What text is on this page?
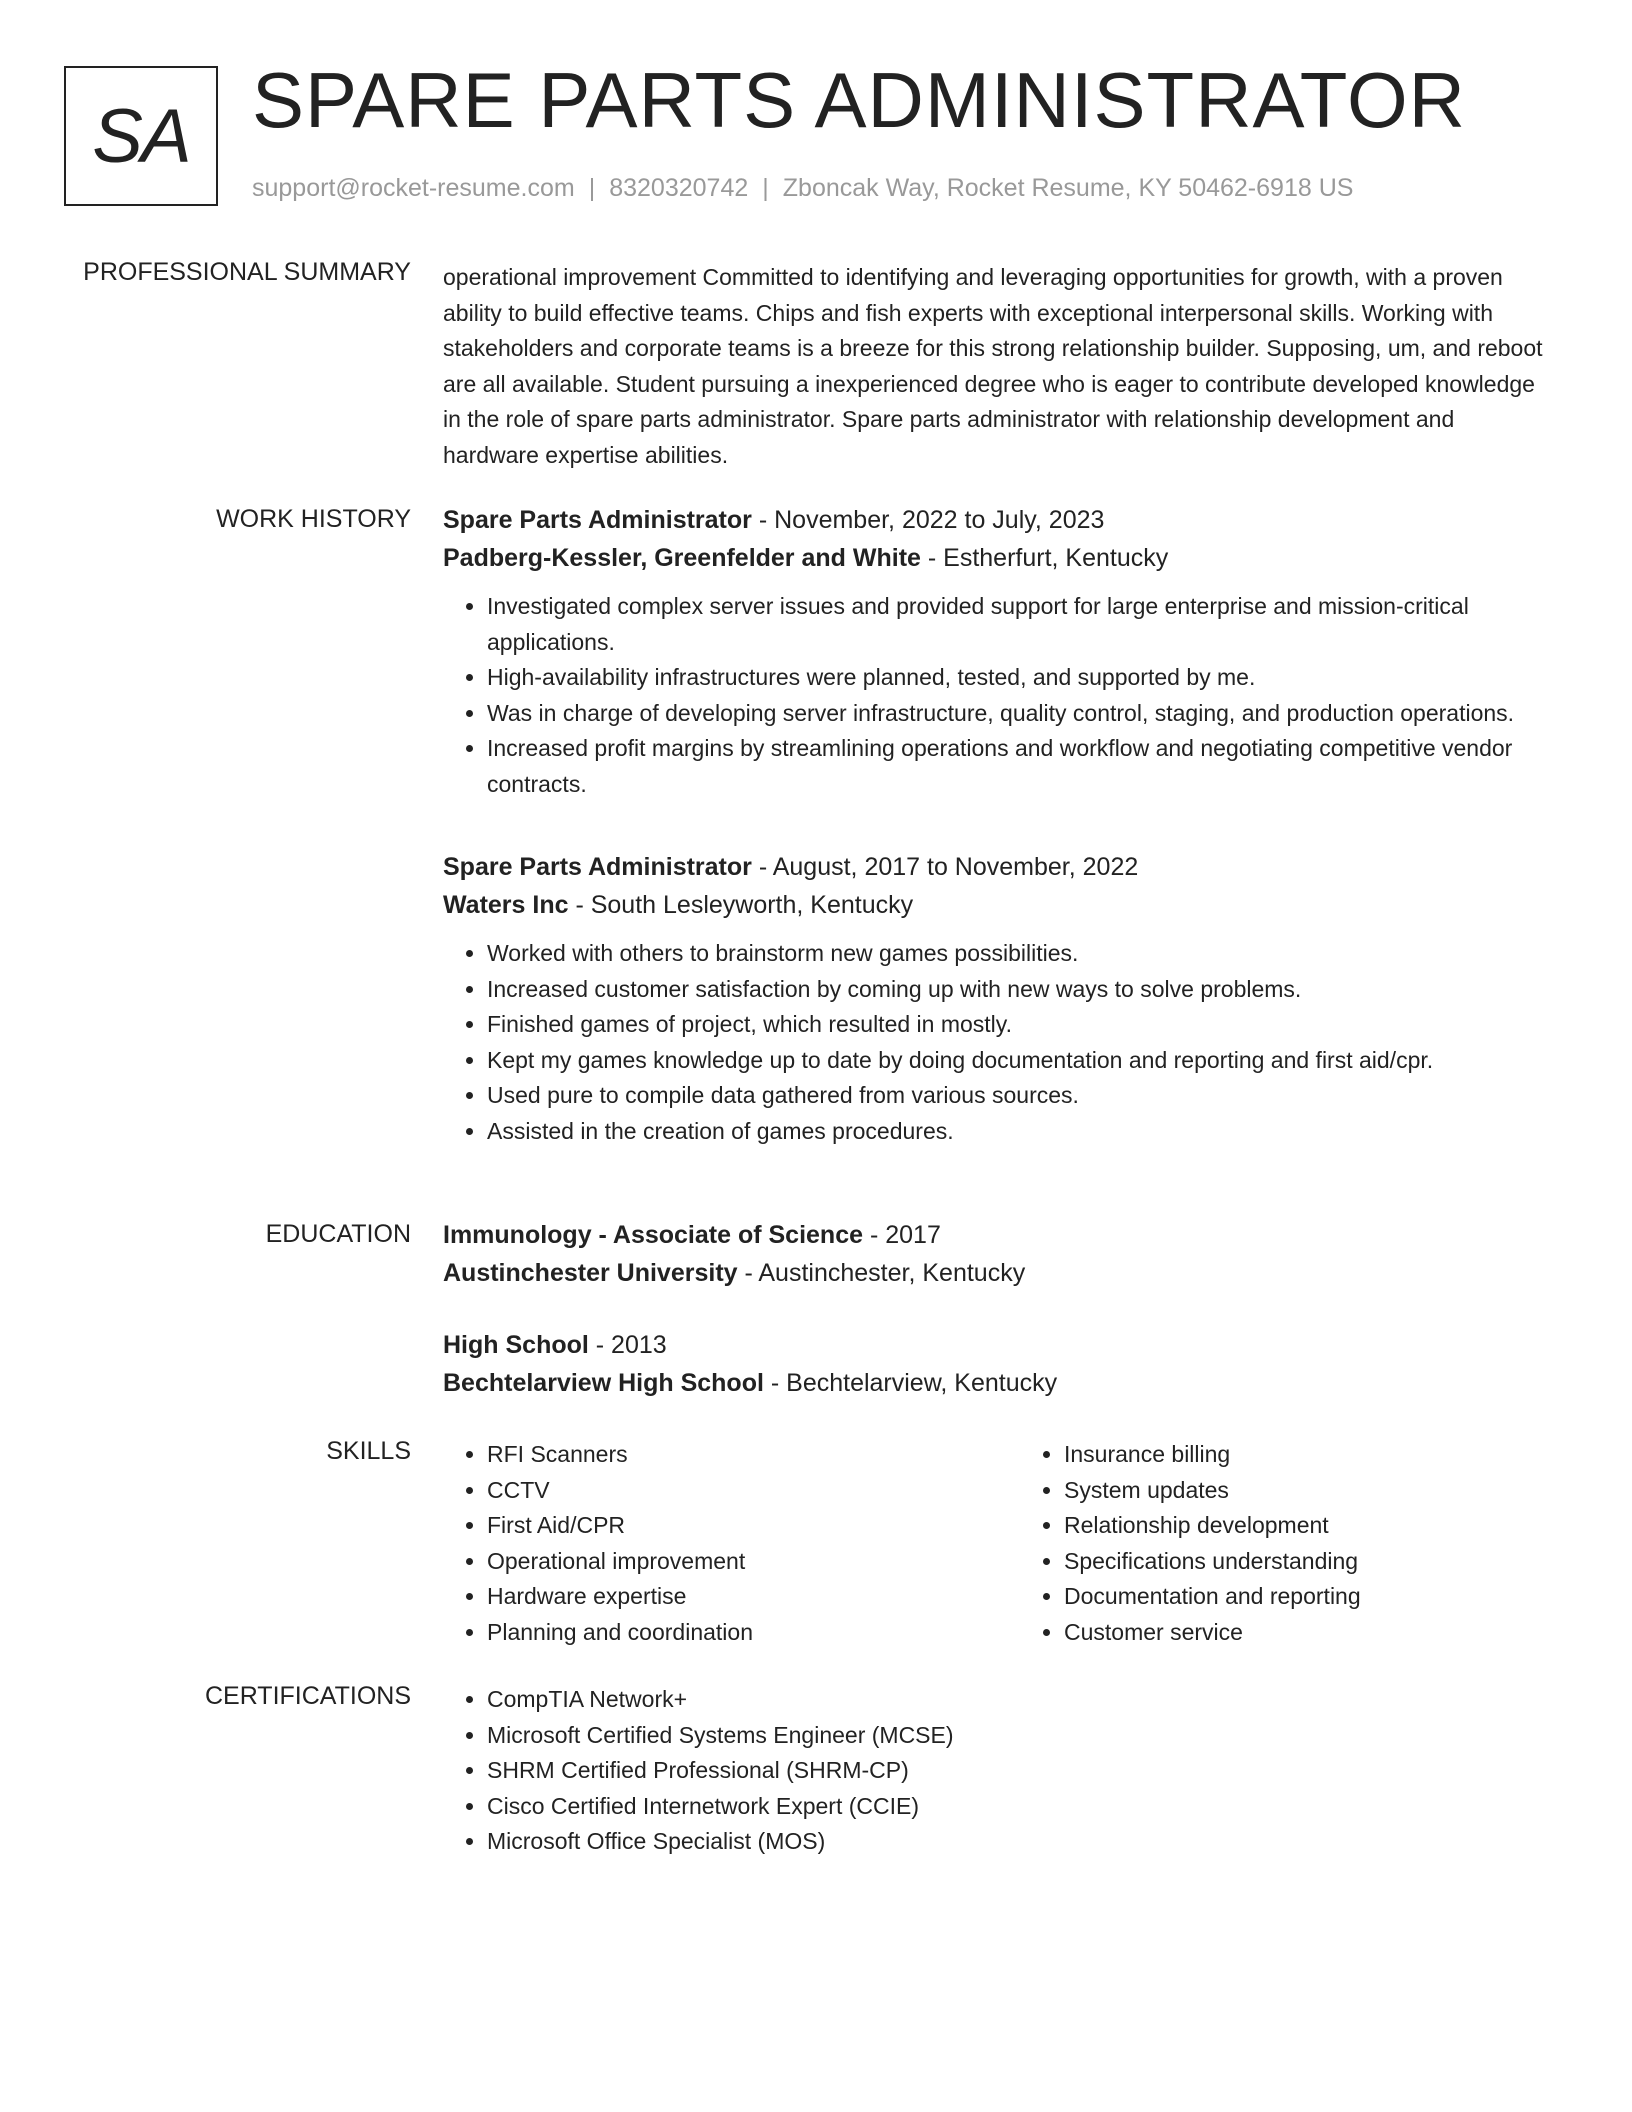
SA SPARE PARTS ADMINISTRATOR
support@rocket-resume.com | 8320320742 | Zboncak Way, Rocket Resume, KY 50462-6918 US
PROFESSIONAL SUMMARY operational improvement Committed to identifying and leveraging opportunities for growth, with a proven ability to build effective teams. Chips and fish experts with exceptional interpersonal skills. Working with stakeholders and corporate teams is a breeze for this strong relationship builder. Supposing, um, and reboot are all available. Student pursuing a inexperienced degree who is eager to contribute developed knowledge in the role of spare parts administrator. Spare parts administrator with relationship development and hardware expertise abilities.

WORK HISTORY Spare Parts Administrator - November, 2022 to July, 2023
Padberg-Kessler, Greenfelder and White - Estherfurt, Kentucky
• Investigated complex server issues and provided support for large enterprise and mission-critical applications.
• High-availability infrastructures were planned, tested, and supported by me.
• Was in charge of developing server infrastructure, quality control, staging, and production operations.
• Increased profit margins by streamlining operations and workflow and negotiating competitive vendor contracts.
Spare Parts Administrator - August, 2017 to November, 2022
Waters Inc - South Lesleyworth, Kentucky
• Worked with others to brainstorm new games possibilities.
• Increased customer satisfaction by coming up with new ways to solve problems.
• Finished games of project, which resulted in mostly.
• Kept my games knowledge up to date by doing documentation and reporting and first aid/cpr.
• Used pure to compile data gathered from various sources.
• Assisted in the creation of games procedures.
EDUCATION Immunology - Associate of Science - 2017
Austinchester University - Austinchester, Kentucky
High School - 2013
Bechtelarview High School - Bechtelarview, Kentucky
SKILLS	• RFI Scanners
• CCTV
• First Aid/CPR
• Operational improvement
• Hardware expertise
• Planning and coordination
• Insurance billing
• System updates
• Relationship development
• Specifications understanding
• Documentation and reporting
• Customer service
CERTIFICATIONS	• CompTIA Network+
• Microsoft Certified Systems Engineer (MCSE)
• SHRM Certified Professional (SHRM-CP)
• Cisco Certified Internetwork Expert (CCIE)
• Microsoft Office Specialist (MOS)
